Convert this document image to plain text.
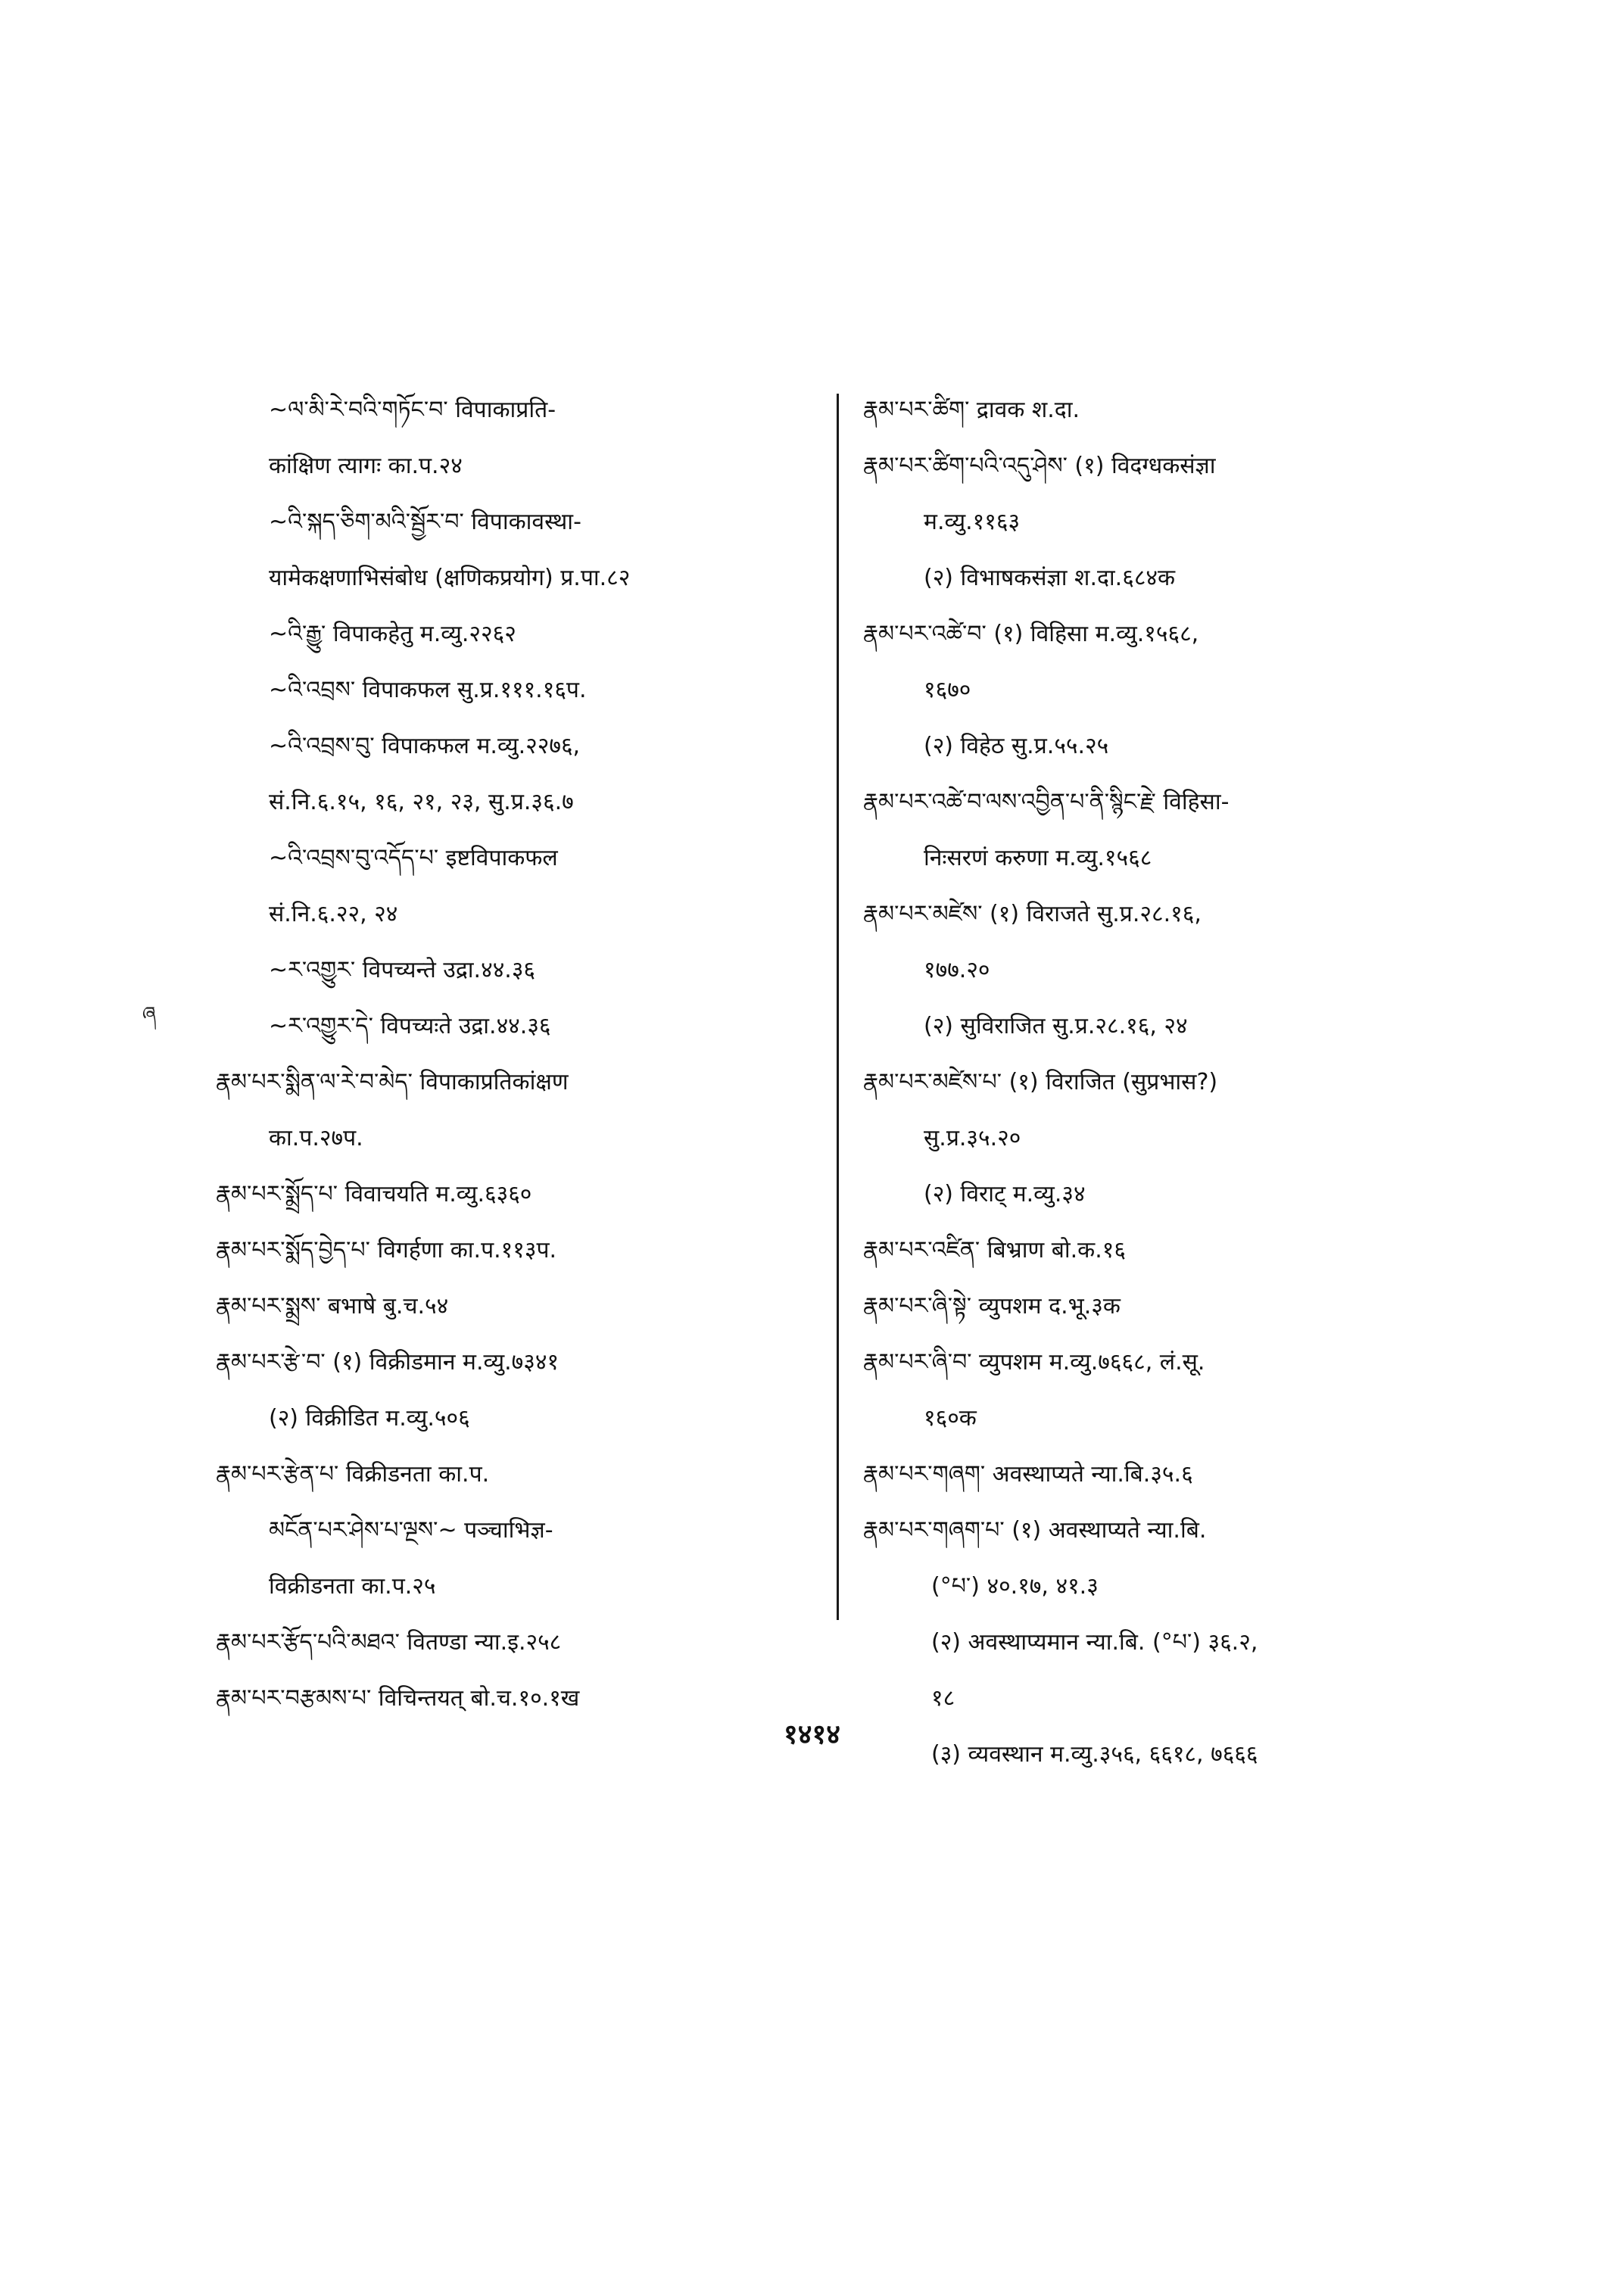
~ལ་མི་རེ་བའི་གཏོང་བ་ विपाकाप्रति-
कांक्षिण त्यागः का.प.२४
~འི་སྐད་ཅིག་མའི་སྦྱོར་བ་ विपाकावस्था-
यामेकक्षणाभिसंबोध (क्षणिकप्रयोग) प्र.पा.८२
~འི་རྒྱུ་ विपाकहेतु म.व्यु.२२६२
~འི་འབྲས་ विपाकफल सु.प्र.१११.१६प.
~འི་འབྲས་བུ་ विपाकफल म.व्यु.२२७६,
सं.नि.६.१५, १६, २१, २३, सु.प्र.३६.७
~འི་འབྲས་བུ་འདོད་པ་ इष्टविपाकफल
सं.नि.६.२२, २४
~ར་འགྱུར་ विपच्यन्ते उद्रा.४४.३६
~ར་འགྱུར་དེ་ विपच्यःते उद्रा.४४.३६
རྣམ་པར་སྨིན་ལ་རེ་བ་མེད་ विपाकाप्रतिकांक्षण
का.प.२७प.
རྣམ་པར་སྨྲོད་པ་ विवाचयति म.व्यु.६३६०
རྣམ་པར་སྨོད་བྱེད་པ་ विगर्हणा का.प.११३प.
རྣམ་པར་སྨྲས་ बभाषे बु.च.५४
རྣམ་པར་རྩེ་བ་ (१) विक्रीडमान म.व्यु.७३४१
(२) विक्रीडित म.व्यु.५०६
རྣམ་པར་རྩེན་པ་ विक्रीडनता का.प.
མངོན་པར་ཤེས་པ་ལྔས་~ पञ्चाभिज्ञ-
विक्रीडनता का.प.२५
རྣམ་པར་རྩོད་པའི་མཐའ་ वितण्डा न्या.इ.२५८
རྣམ་པར་བརྩམས་པ་ विचिन्तयत् बो.च.१०.१ख
རྣམ་པར་ཚིག་ द्रावक श.दा.
རྣམ་པར་ཚིག་པའི་འདུ་ཤེས་ (१) विदग्धकसंज्ञा
म.व्यु.११६३
(२) विभाषकसंज्ञा श.दा.६८४क
རྣམ་པར་འཚེ་བ་ (१) विहिसा म.व्यु.१५६८,
१६७०
(२) विहेठ सु.प्र.५५.२५
རྣམ་པར་འཚེ་བ་ལས་འབྱིན་པ་ནི་སྙིང་རྗེ་ विहिसा-
निःसरणं करुणा म.व्यु.१५६८
རྣམ་པར་མཛེས་ (१) विराजते सु.प्र.२८.१६,
१७७.२०
(२) सुविराजित सु.प्र.२८.१६, २४
རྣམ་པར་མཛེས་པ་ (१) विराजित (सुप्रभास?)
सु.प्र.३५.२०
(२) विराट् म.व्यु.३४
རྣམ་པར་འཛིན་ बिभ्राण बो.क.१६
རྣམ་པར་ཞི་སྟེ་ व्युपशम द.भू.३क
རྣམ་པར་ཞི་བ་ व्युपशम म.व्यु.७६६८, लं.सू.
१६०क
རྣམ་པར་གཞག་ अवस्थाप्यते न्या.बि.३५.६
རྣམ་པར་གཞག་པ་ (१) अवस्थाप्यते न्या.बि.
(°པ་) ४०.१७, ४१.३
(२) अवस्थाप्यमान न्या.बि. (°པ་) ३६.२,
१८
(३) व्यवस्थान म.व्यु.३५६, ६६१८, ७६६६
ཞ
१४१४
